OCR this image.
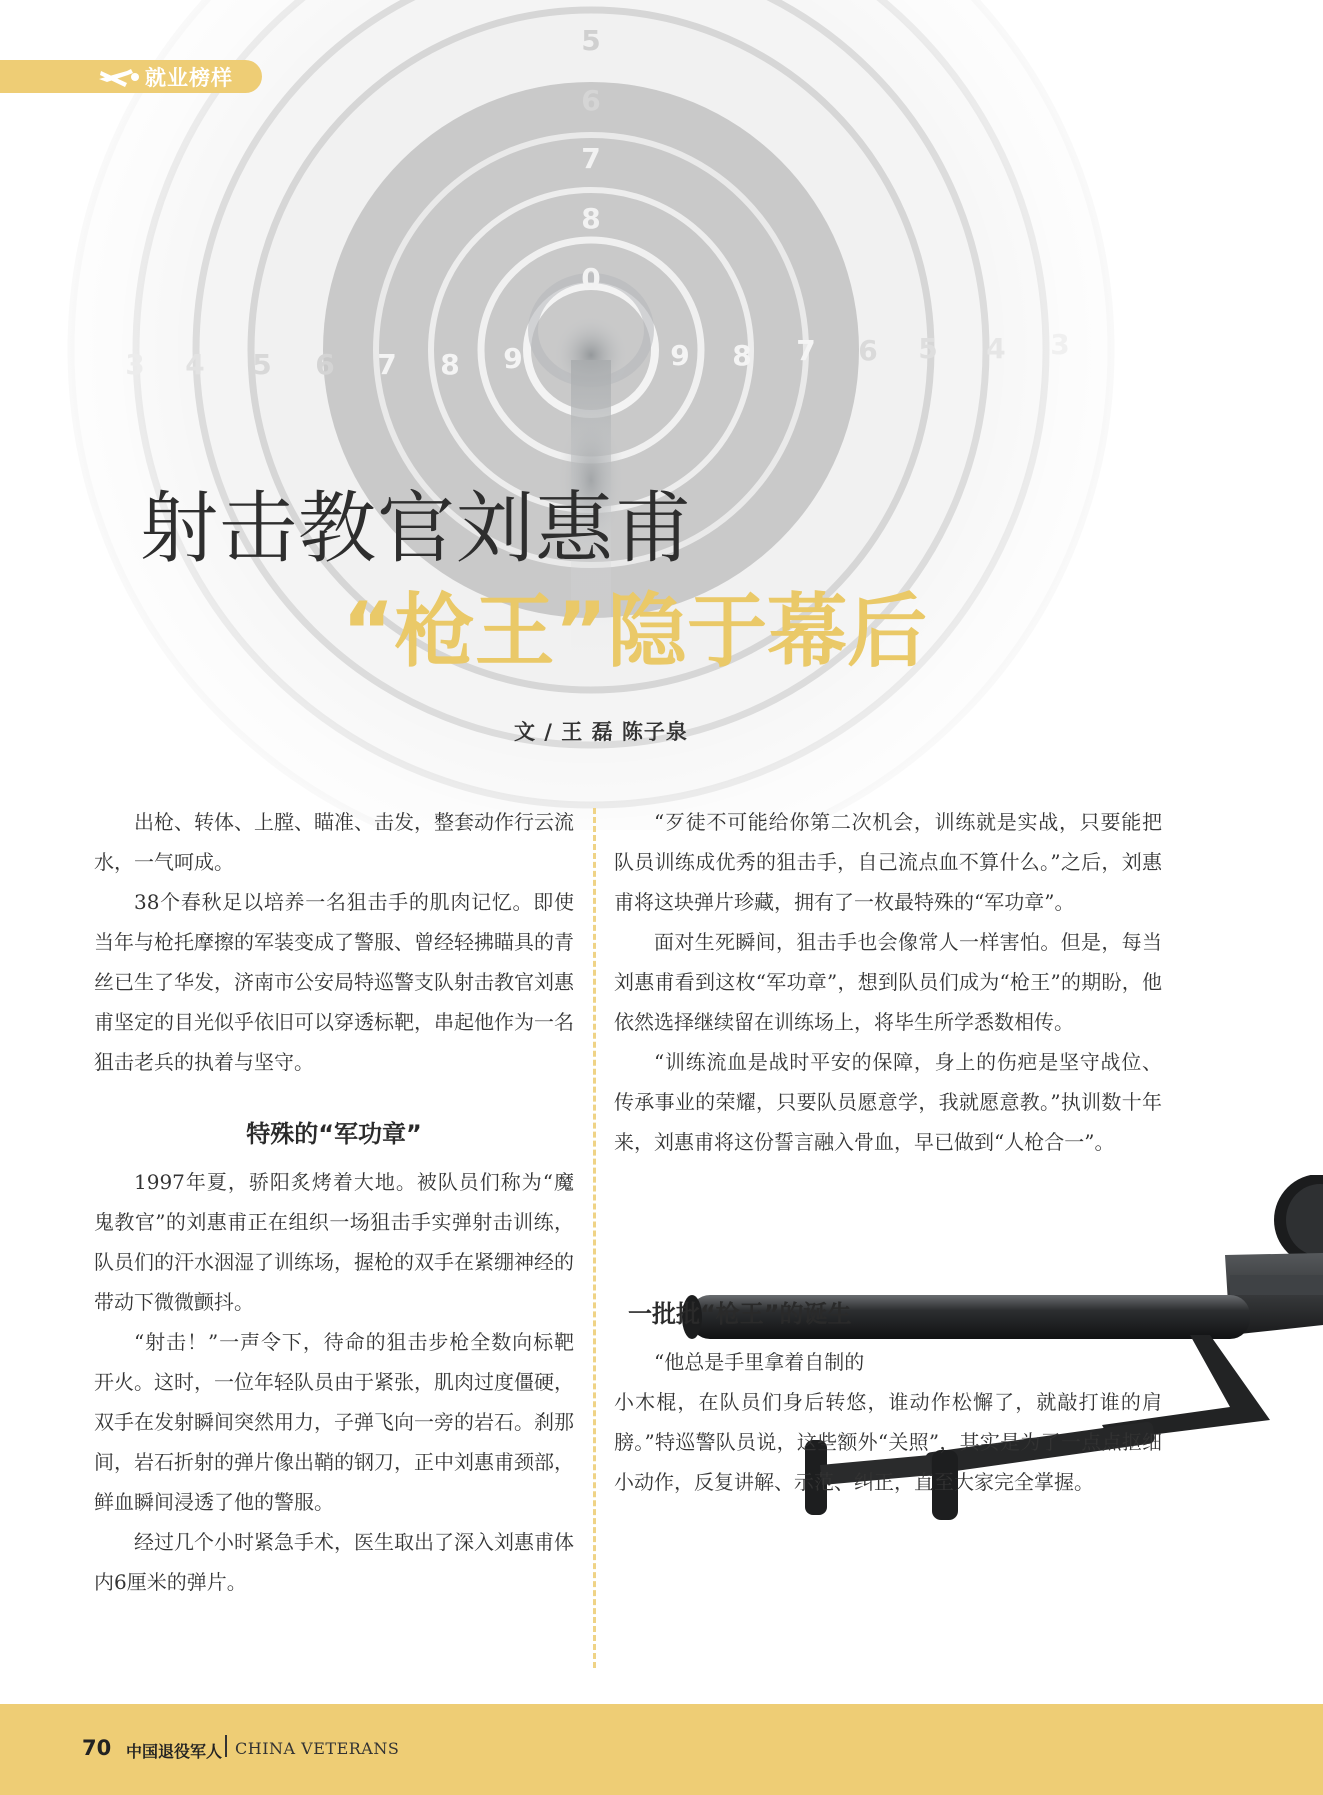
5
6
7
8
0
3 4 5 6 7 8 9	9 8 7 6 5 4 3
就业榜样
射击教官刘惠甫
“枪王”隐于幕后
文 / 王 磊 陈子泉

出枪、转体、上膛、瞄准、击发，整套动作行云流水，一气呵成。

38个春秋足以培养一名狙击手的肌肉记忆。即使当年与枪托摩擦的军装变成了警服、曾经轻拂瞄具的青丝已生了华发，济南市公安局特巡警支队射击教官刘惠甫坚定的目光似乎依旧可以穿透标靶，串起他作为一名狙击老兵的执着与坚守。

特殊的“军功章”

1997年夏，骄阳炙烤着大地。被队员们称为“魔鬼教官”的刘惠甫正在组织一场狙击手实弹射击训练，队员们的汗水洇湿了训练场，握枪的双手在紧绷神经的带动下微微颤抖。

“射击！”一声令下，待命的狙击步枪全数向标靶开火。这时，一位年轻队员由于紧张，肌肉过度僵硬，双手在发射瞬间突然用力，子弹飞向一旁的岩石。刹那间，岩石折射的弹片像出鞘的钢刀，正中刘惠甫颈部，鲜血瞬间浸透了他的警服。

经过几个小时紧急手术，医生取出了深入刘惠甫体内6厘米的弹片。

“歹徒不可能给你第二次机会，训练就是实战，只要能把队员训练成优秀的狙击手，自己流点血不算什么。”之后，刘惠甫将这块弹片珍藏，拥有了一枚最特殊的“军功章”。

面对生死瞬间，狙击手也会像常人一样害怕。但是，每当刘惠甫看到这枚“军功章”，想到队员们成为“枪王”的期盼，他依然选择继续留在训练场上，将毕生所学悉数相传。

“训练流血是战时平安的保障，身上的伤疤是坚守战位、传承事业的荣耀，只要队员愿意学，我就愿意教。”执训数十年来，刘惠甫将这份誓言融入骨血，早已做到“人枪合一”。

一批批“枪王”的诞生

“他总是手里拿着自制的

小木棍，在队员们身后转悠，谁动作松懈了，就敲打谁的肩膀。”特巡警队员说，这些额外“关照”，其实是为了一点点抠细小动作，反复讲解、示范、纠正，直至大家完全掌握。

70 中国退役军人 CHINA VETERANS
